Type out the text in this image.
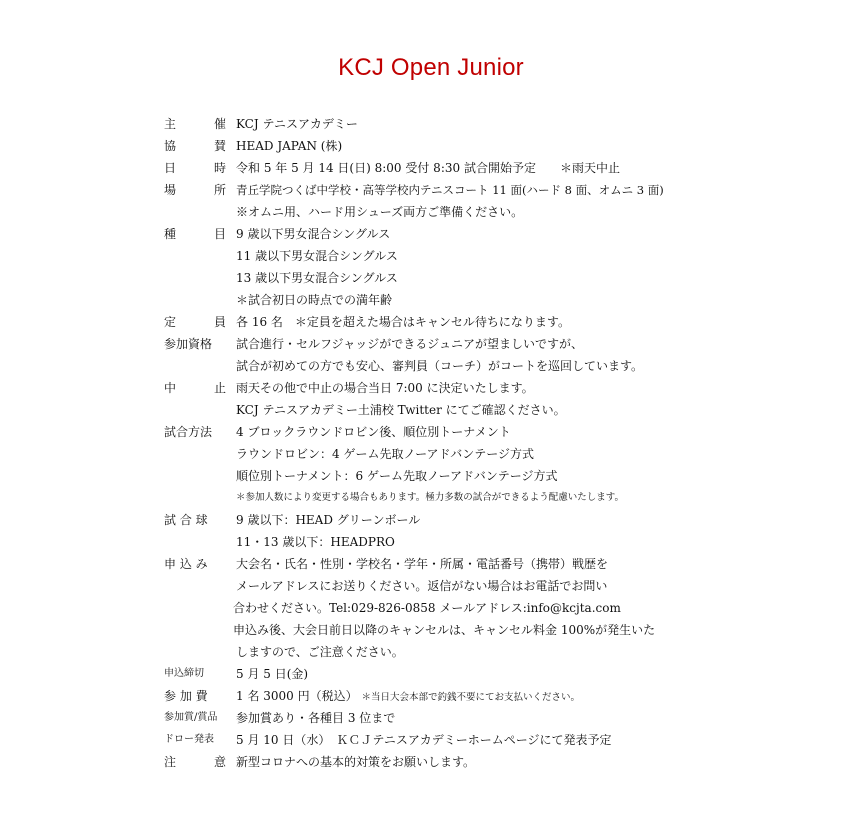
KCJ Open Junior
主　催 KCJ テニスアカデミー
協　賛 HEAD JAPAN (株)
日　時 令和 5 年 5 月 14 日(日) 8:00 受付 8:30 試合開始予定　　＊雨天中止
場　所 青丘学院つくば中学校・高等学校内テニスコート 11 面(ハード 8 面、オムニ 3 面)
※オムニ用、ハード用シューズ両方ご準備ください。
種　目 9 歳以下男女混合シングルス
11 歳以下男女混合シングルス
13 歳以下男女混合シングルス
＊試合初日の時点での満年齢
定　員 各 16 名　＊定員を超えた場合はキャンセル待ちになります。
参加資格	試合進行・セルフジャッジができるジュニアが望ましいですが、
試合が初めての方でも安心、審判員（コーチ）がコートを巡回しています。
中　止 雨天その他で中止の場合当日 7:00 に決定いたします。
KCJ テニスアカデミー土浦校 Twitter にてご確認ください。
試合方法	4 ブロックラウンドロビン後、順位別トーナメント
ラウンドロビン：4 ゲーム先取ノーアドバンテージ方式
順位別トーナメント：6 ゲーム先取ノーアドバンテージ方式
＊参加人数により変更する場合もあります。極力多数の試合ができるよう配慮いたします。
試 合 球	9 歳以下：HEAD グリーンボール
11・13 歳以下：HEADPRO
申 込 み	大会名・氏名・性別・学校名・学年・所属・電話番号（携帯）戦歴を
メールアドレスにお送りください。返信がない場合はお電話でお問い
合わせください。Tel:029-826-0858 メールアドレス:info@kcjta.com
申込み後、大会日前日以降のキャンセルは、キャンセル料金 100%が発生いた
しますので、ご注意ください。
申込締切	5 月 5 日(金)
参 加 費	1 名 3000 円（税込） ＊当日大会本部で釣銭不要にてお支払いください。
参加賞/賞品	参加賞あり・各種目 3 位まで
ドロー発表	5 月 10 日（水）　ＫＣＪテニスアカデミーホームページにて発表予定
注　意 新型コロナへの基本的対策をお願いします。
